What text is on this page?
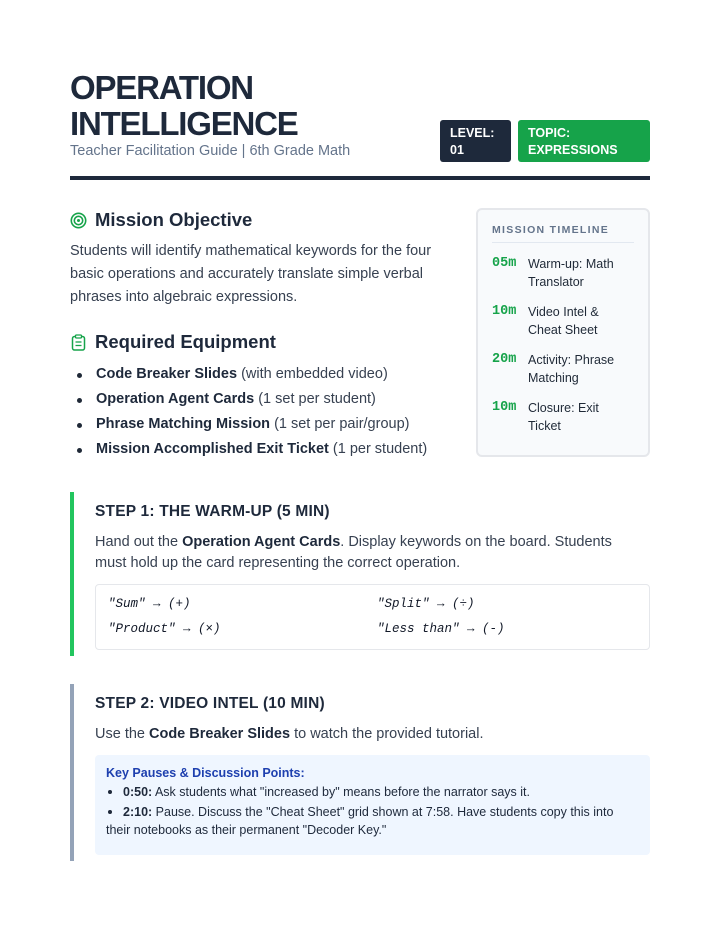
OPERATION
INTELLIGENCE
Teacher Facilitation Guide | 6th Grade Math
LEVEL:
01
TOPIC:
EXPRESSIONS
Mission Objective
Students will identify mathematical keywords for the four basic operations and accurately translate simple verbal phrases into algebraic expressions.
Required Equipment
Code Breaker Slides (with embedded video)
Operation Agent Cards (1 set per student)
Phrase Matching Mission (1 set per pair/group)
Mission Accomplished Exit Ticket (1 per student)
MISSION TIMELINE
05m Warm-up: Math Translator
10m Video Intel & Cheat Sheet
20m Activity: Phrase Matching
10m Closure: Exit Ticket
STEP 1: THE WARM-UP (5 MIN)
Hand out the Operation Agent Cards. Display keywords on the board. Students must hold up the card representing the correct operation.
"Sum" → (+)	"Split" → (÷)
"Product" → (×)	"Less than" → (-)
STEP 2: VIDEO INTEL (10 MIN)
Use the Code Breaker Slides to watch the provided tutorial.
Key Pauses & Discussion Points:
0:50: Ask students what "increased by" means before the narrator says it.
2:10: Pause. Discuss the "Cheat Sheet" grid shown at 7:58. Have students copy this into their notebooks as their permanent "Decoder Key."
